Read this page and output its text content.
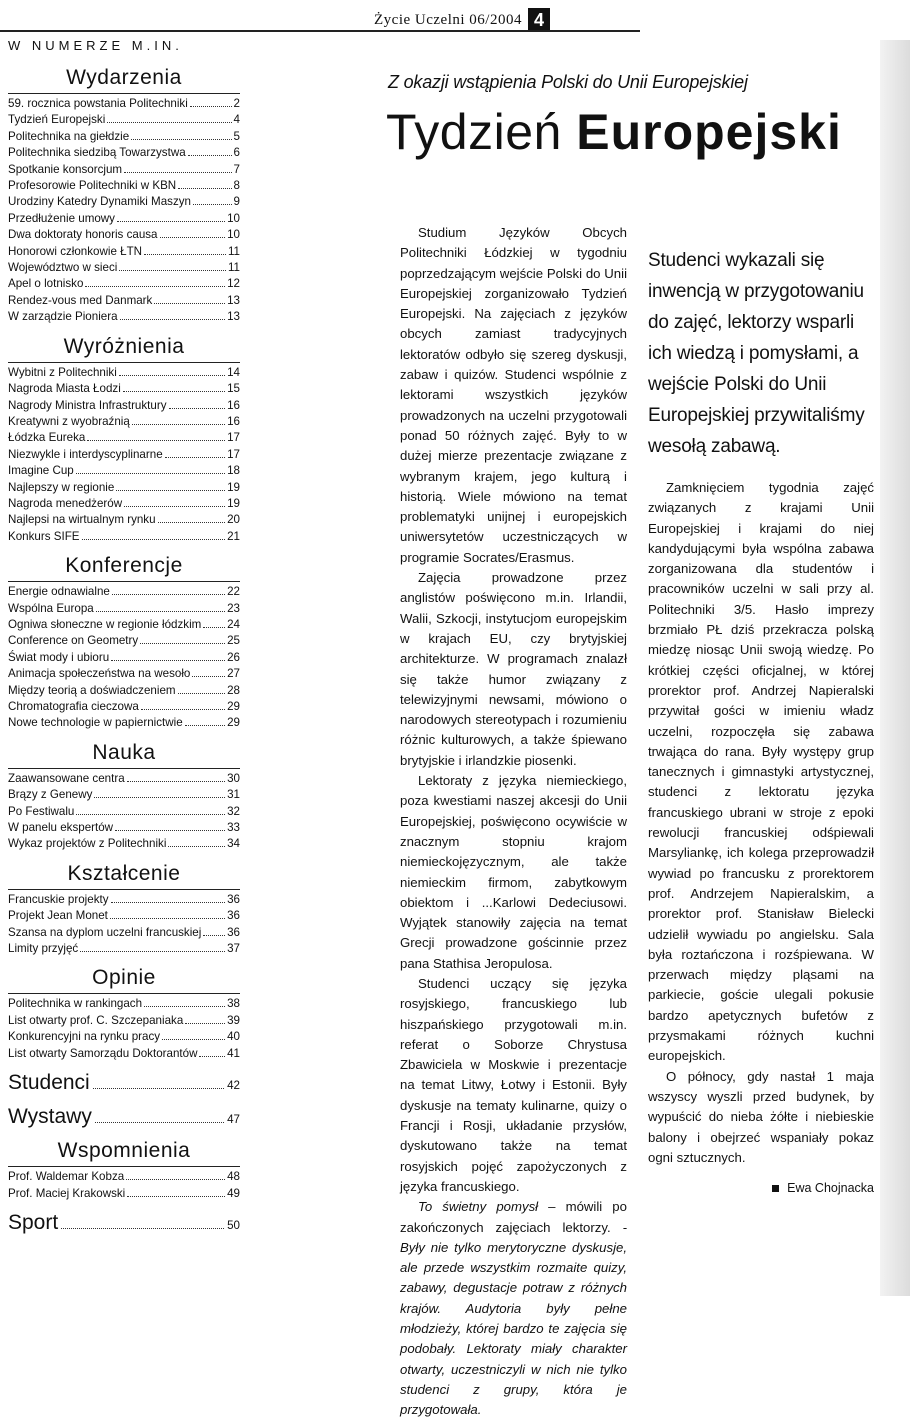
Życie Uczelni 06/2004 4
W NUMERZE M.IN.
Wydarzenia
59. rocznica powstania Politechniki	2
Tydzień Europejski	4
Politechnika na giełdzie	5
Politechnika siedzibą Towarzystwa	6
Spotkanie konsorcjum	7
Profesorowie Politechniki w KBN	8
Urodziny Katedry Dynamiki Maszyn	9
Przedłużenie umowy	10
Dwa doktoraty honoris causa	10
Honorowi członkowie ŁTN	11
Województwo w sieci	11
Apel o lotnisko	12
Rendez-vous med Danmark	13
W zarządzie Pioniera	13
Wyróżnienia
Wybitni z Politechniki	14
Nagroda Miasta Łodzi	15
Nagrody Ministra Infrastruktury	16
Kreatywni z wyobraźnią	16
Łódzka Eureka	17
Niezwykle i interdyscyplinarne	17
Imagine Cup	18
Najlepszy w regionie	19
Nagroda menedżerów	19
Najlepsi na wirtualnym rynku	20
Konkurs SIFE	21
Konferencje
Energie odnawialne	22
Wspólna Europa	23
Ogniwa słoneczne w regionie łódzkim 24
Conference on Geometry	25
Świat mody i ubioru	26
Animacja społeczeństwa na wesoło	27
Między teorią a doświadczeniem	28
Chromatografia cieczowa	29
Nowe technologie w papiernictwie	29
Nauka
Zaawansowane centra	30
Brązy z Genewy	31
Po Festiwalu	32
W panelu ekspertów	33
Wykaz projektów z Politechniki	34
Kształcenie
Francuskie projekty	36
Projekt Jean Monet	36
Szansa na dyplom uczelni francuskiej 36
Limity przyjęć	37
Opinie
Politechnika w rankingach	38
List otwarty prof. C. Szczepaniaka	39
Konkurencyjni na rynku pracy	40
List otwarty Samorządu Doktorantów	41
Studenci	42
Wystawy	47
Wspomnienia
Prof. Waldemar Kobza	48
Prof. Maciej Krakowski	49
Sport	50
Z okazji wstąpienia Polski do Unii Europejskiej
Tydzień Europejski

Studium Języków Obcych Politechniki Łódzkiej w tygodniu poprzedzającym wejście Polski do Unii Europejskiej zorganizowało Tydzień Europejski. Na zajęciach z języków obcych zamiast tradycyjnych lektoratów odbyło się szereg dyskusji, zabaw i quizów. Studenci wspólnie z lektorami wszystkich języków prowadzonych na uczelni przygotowali ponad 50 różnych zajęć. Były to w dużej mierze prezentacje związane z wybranym krajem, jego kulturą i historią. Wiele mówiono na temat problematyki unijnej i europejskich uniwersytetów uczestniczących w programie Socrates/Erasmus.

Zajęcia prowadzone przez anglistów poświęcono m.in. Irlandii, Walii, Szkocji, instytucjom europejskim w krajach EU, czy brytyjskiej architekturze. W programach znalazł się także humor związany z telewizyjnymi newsami, mówiono o narodowych stereotypach i rozumieniu różnic kulturowych, a także śpiewano brytyjskie i irlandzkie piosenki.

Lektoraty z języka niemieckiego, poza kwestiami naszej akcesji do Unii Europejskiej, poświęcono ocywiście w znacznym stopniu krajom niemieckojęzycznym, ale także niemieckim firmom, zabytkowym obiektom i ...Karlowi Dedeciusowi. Wyjątek stanowiły zajęcia na temat Grecji prowadzone gościnnie przez pana Stathisa Jeropulosa.

Studenci uczący się języka rosyjskiego, francuskiego lub hiszpańskiego przygotowali m.in. referat o Soborze Chrystusa Zbawiciela w Moskwie i prezentacje na temat Litwy, Łotwy i Estonii. Były dyskusje na tematy kulinarne, quizy o Francji i Rosji, układanie przysłów, dyskutowano także na temat rosyjskich pojęć zapożyczonych z języka francuskiego.

To świetny pomysł – mówili po zakończonych zajęciach lektorzy. - Były nie tylko merytoryczne dyskusje, ale przede wszystkim rozmaite quizy, zabawy, degustacje potraw z różnych krajów. Audytoria były pełne młodzieży, której bardzo te zajęcia się podobały. Lektoraty miały charakter otwarty, uczestniczyli w nich nie tylko studenci z grupy, która je przygotowała.

Studenci wykazali się inwencją w przygotowaniu do zajęć, lektorzy wsparli ich wiedzą i pomysłami, a wejście Polski do Unii Europejskiej przywitaliśmy wesołą zabawą.

Zamknięciem tygodnia zajęć związanych z krajami Unii Europejskiej i krajami do niej kandydującymi była wspólna zabawa zorganizowana dla studentów i pracowników uczelni w sali przy al. Politechniki 3/5. Hasło imprezy brzmiało PŁ dziś przekracza polską miedzę niosąc Unii swoją wiedzę. Po krótkiej części oficjalnej, w której prorektor prof. Andrzej Napieralski przywitał gości w imieniu władz uczelni, rozpoczęła się zabawa trwająca do rana. Były występy grup tanecznych i gimnastyki artystycznej, studenci z lektoratu języka francuskiego ubrani w stroje z epoki rewolucji francuskiej odśpiewali Marsyliankę, ich kolega przeprowadził wywiad po francusku z prorektorem prof. Andrzejem Napieralskim, a prorektor prof. Stanisław Bielecki udzielił wywiadu po angielsku. Sala była roztańczona i rozśpiewana. W przerwach między pląsami na parkiecie, goście ulegali pokusie bardzo apetycznych bufetów z przysmakami różnych kuchni europejskich.

O północy, gdy nastał 1 maja wszyscy wyszli przed budynek, by wypuścić do nieba żółte i niebieskie balony i obejrzeć wspaniały pokaz ogni sztucznych.

Ewa Chojnacka
